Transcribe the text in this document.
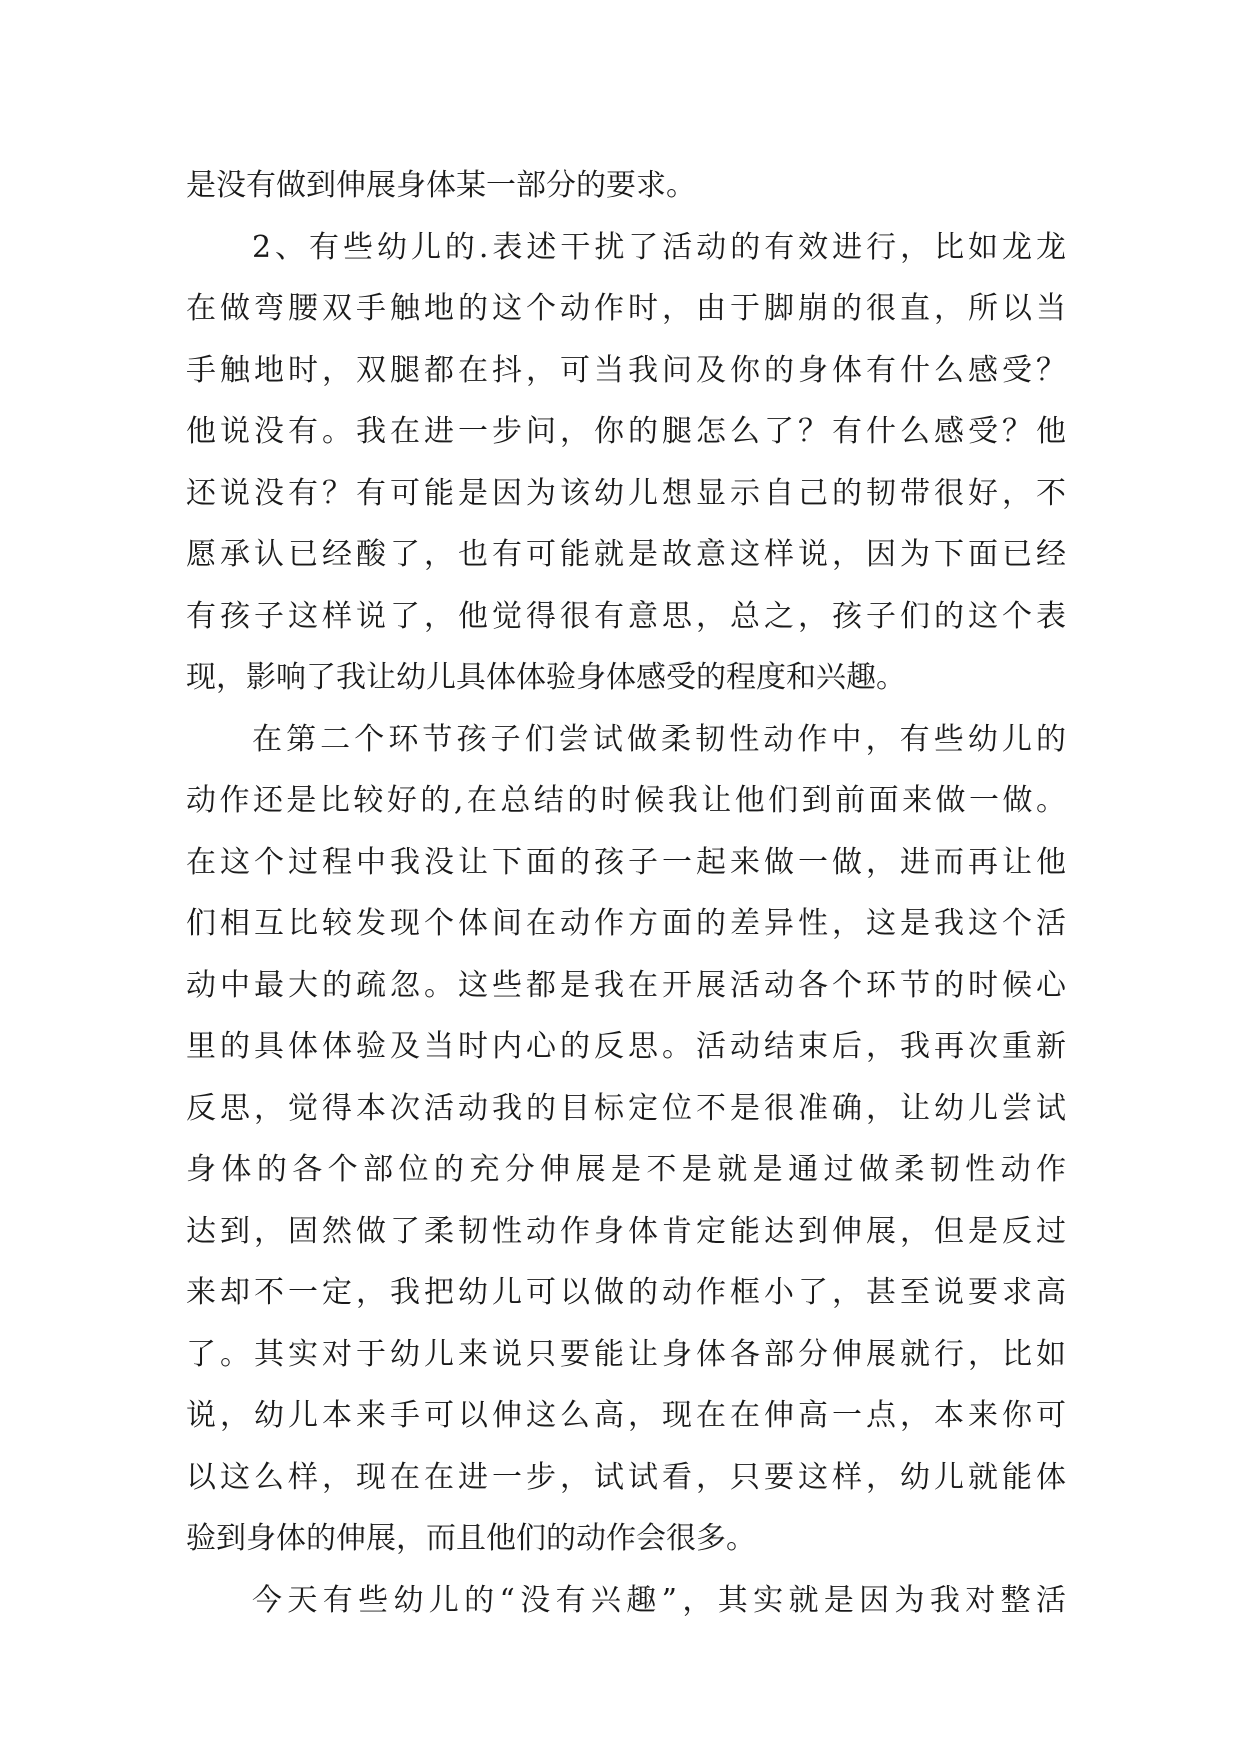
是没有做到伸展身体某一部分的要求。
2、有些幼儿的.表述干扰了活动的有效进行，比如龙龙
在做弯腰双手触地的这个动作时，由于脚崩的很直，所以当
手触地时，双腿都在抖，可当我问及你的身体有什么感受？
他说没有。我在进一步问，你的腿怎么了？有什么感受？他
还说没有？有可能是因为该幼儿想显示自己的韧带很好，不
愿承认已经酸了，也有可能就是故意这样说，因为下面已经
有孩子这样说了，他觉得很有意思，总之，孩子们的这个表
现，影响了我让幼儿具体体验身体感受的程度和兴趣。
在第二个环节孩子们尝试做柔韧性动作中，有些幼儿的
动作还是比较好的,在总结的时候我让他们到前面来做一做。
在这个过程中我没让下面的孩子一起来做一做，进而再让他
们相互比较发现个体间在动作方面的差异性，这是我这个活
动中最大的疏忽。这些都是我在开展活动各个环节的时候心
里的具体体验及当时内心的反思。活动结束后，我再次重新
反思，觉得本次活动我的目标定位不是很准确，让幼儿尝试
身体的各个部位的充分伸展是不是就是通过做柔韧性动作
达到，固然做了柔韧性动作身体肯定能达到伸展，但是反过
来却不一定，我把幼儿可以做的动作框小了，甚至说要求高
了。其实对于幼儿来说只要能让身体各部分伸展就行，比如
说，幼儿本来手可以伸这么高，现在在伸高一点，本来你可
以这么样，现在在进一步，试试看，只要这样，幼儿就能体
验到身体的伸展，而且他们的动作会很多。
今天有些幼儿的“没有兴趣”，其实就是因为我对整活
